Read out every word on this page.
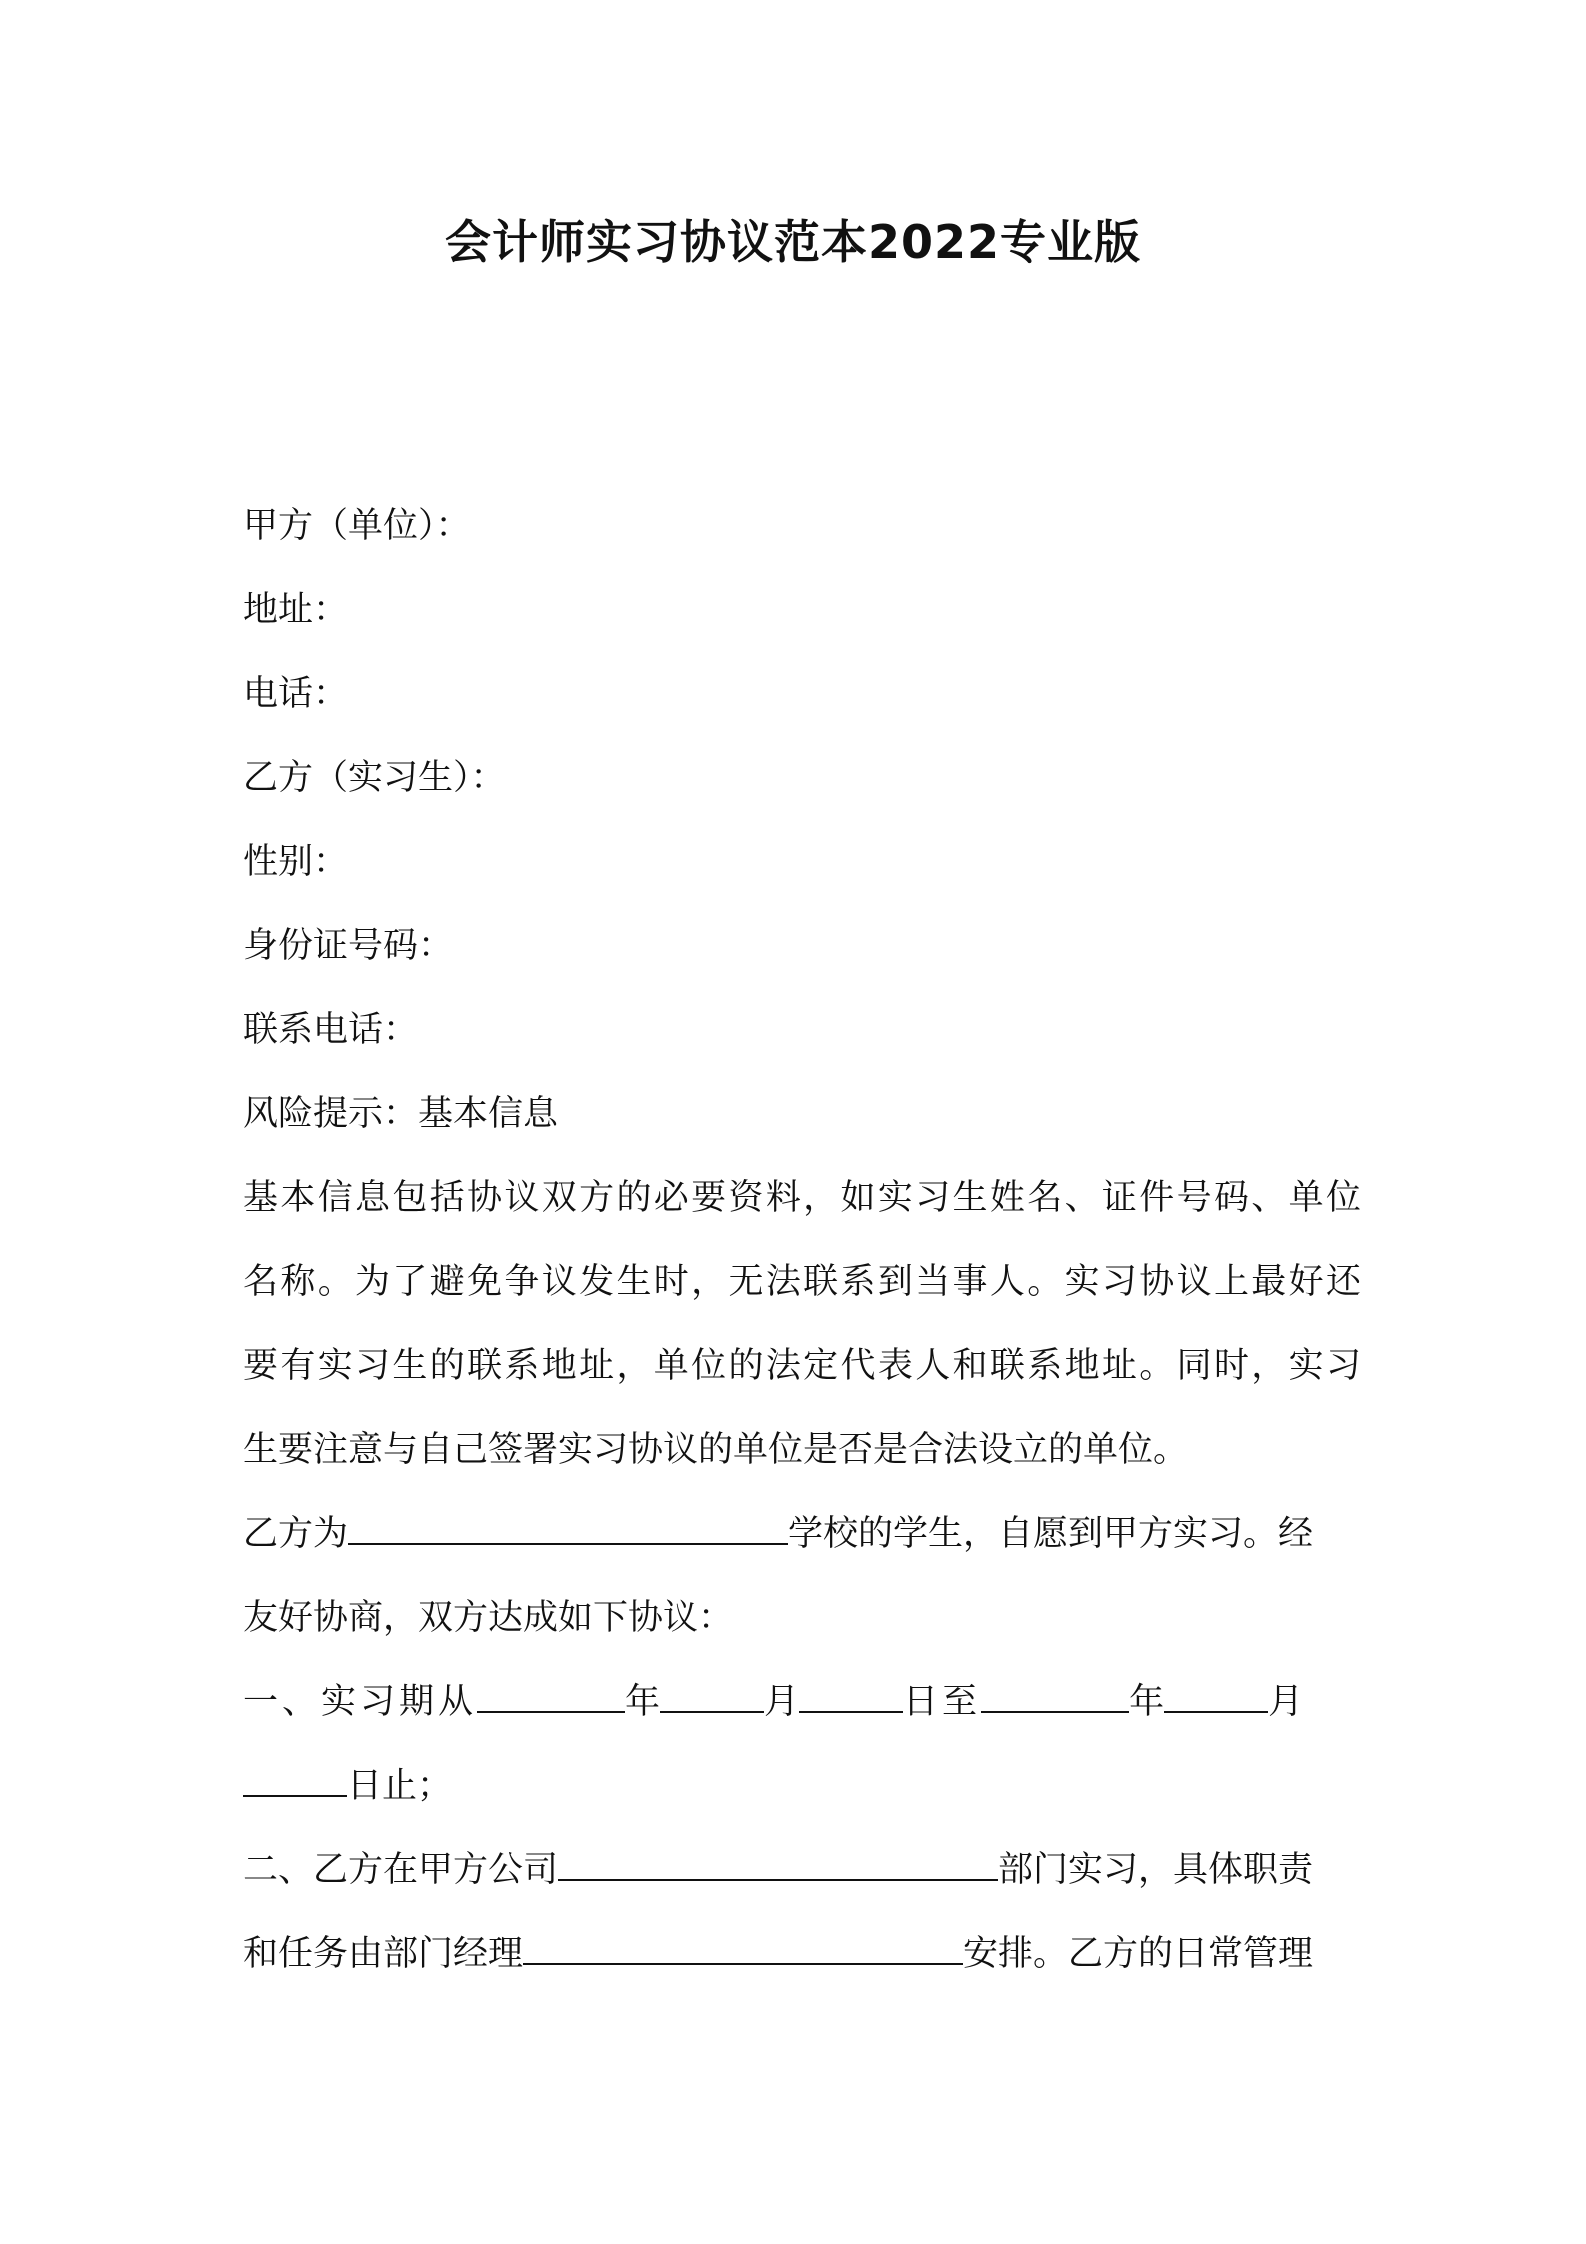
会计师实习协议范本2022专业版
甲方（单位）：
地址：
电话：
乙方（实习生）：
性别：
身份证号码：
联系电话：
风险提示：基本信息
基本信息包括协议双方的必要资料，如实习生姓名、证件号码、单位
名称。为了避免争议发生时，无法联系到当事人。实习协议上最好还
要有实习生的联系地址，单位的法定代表人和联系地址。同时，实习
生要注意与自己签署实习协议的单位是否是合法设立的单位。
乙方为	学校的学生，自愿到甲方实习。经
友好协商，双方达成如下协议：
一、实习期从	年	月	日至	年	月
日止；
二、乙方在甲方公司	部门实习，具体职责
和任务由部门经理	安排。乙方的日常管理
